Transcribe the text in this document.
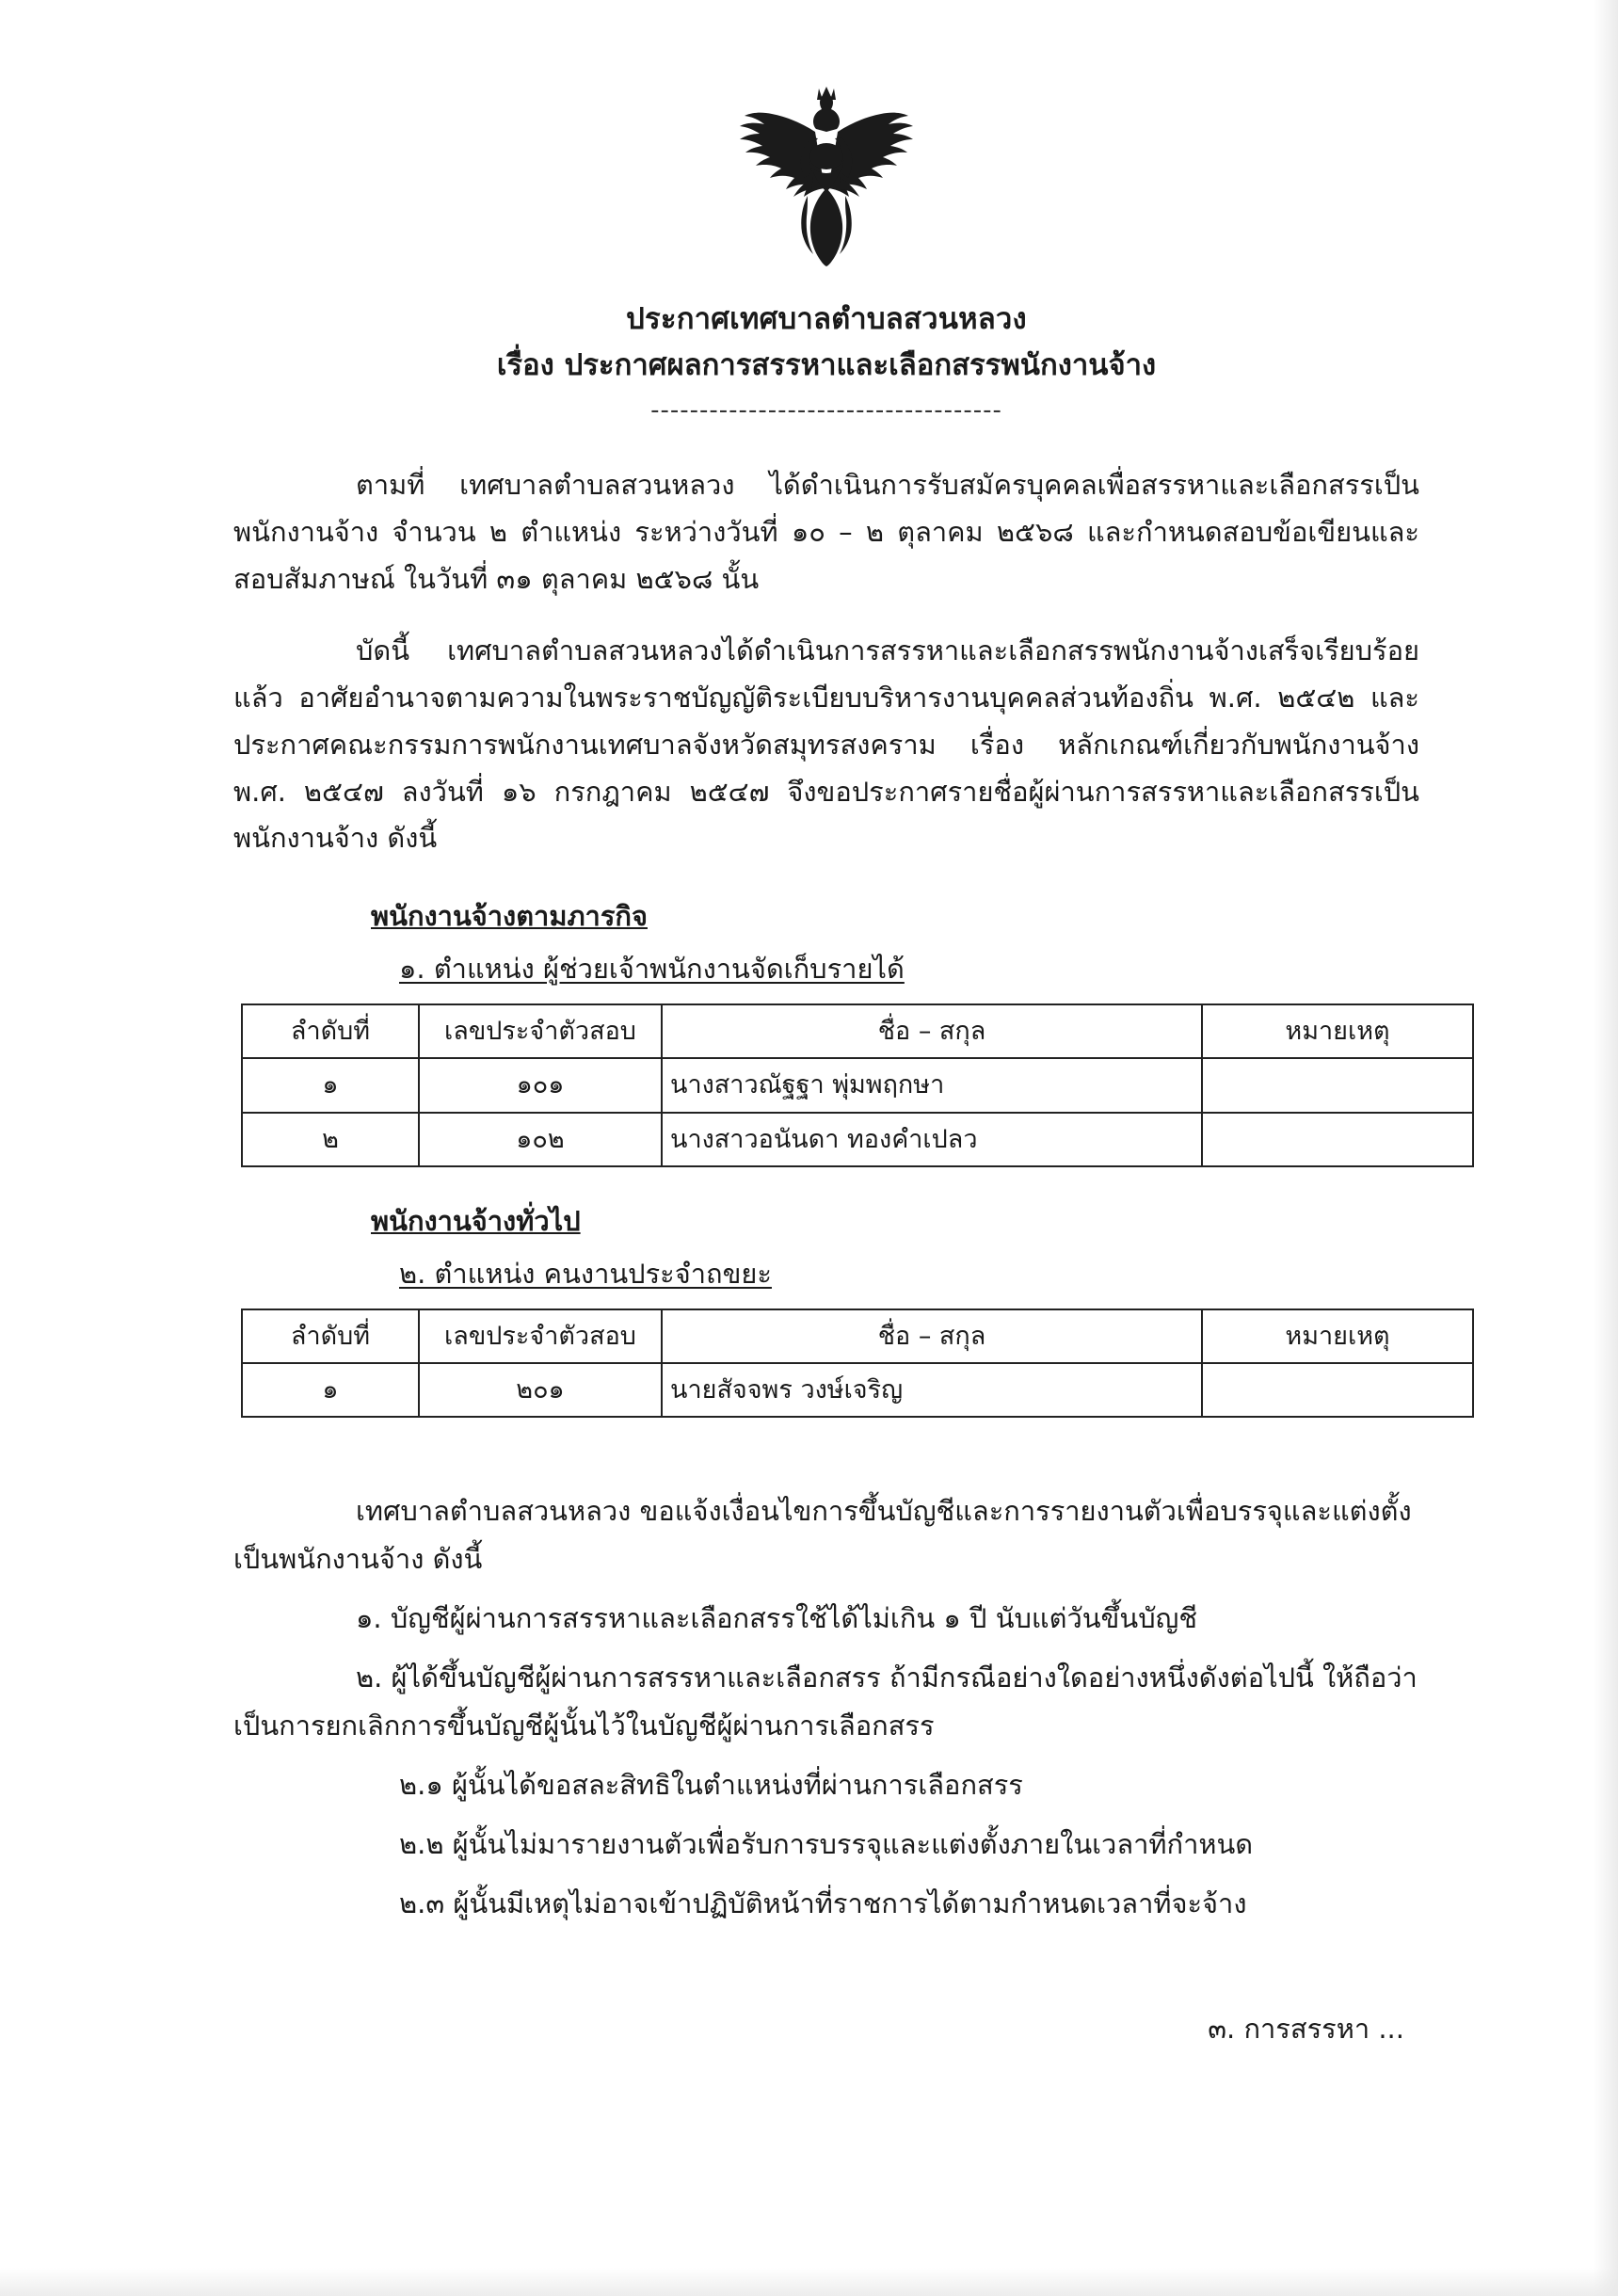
ประกาศเทศบาลตำบลสวนหลวง
เรื่อง ประกาศผลการสรรหาและเลือกสรรพนักงานจ้าง
------------------------------------
ตามที่ เทศบาลตำบลสวนหลวง ได้ดำเนินการรับสมัครบุคคลเพื่อสรรหาและเลือกสรรเป็นพนักงานจ้าง จำนวน ๒ ตำแหน่ง ระหว่างวันที่ ๑๐ – ๒ ตุลาคม ๒๕๖๘ และกำหนดสอบข้อเขียนและสอบสัมภาษณ์ ในวันที่ ๓๑ ตุลาคม ๒๕๖๘ นั้น
บัดนี้ เทศบาลตำบลสวนหลวงได้ดำเนินการสรรหาและเลือกสรรพนักงานจ้างเสร็จเรียบร้อยแล้ว อาศัยอำนาจตามความในพระราชบัญญัติระเบียบบริหารงานบุคคลส่วนท้องถิ่น พ.ศ. ๒๕๔๒ และประกาศคณะกรรมการพนักงานเทศบาลจังหวัดสมุทรสงคราม เรื่อง หลักเกณฑ์เกี่ยวกับพนักงานจ้าง พ.ศ. ๒๕๔๗ ลงวันที่ ๑๖ กรกฎาคม ๒๕๔๗ จึงขอประกาศรายชื่อผู้ผ่านการสรรหาและเลือกสรรเป็นพนักงานจ้าง ดังนี้
พนักงานจ้างตามภารกิจ
๑. ตำแหน่ง ผู้ช่วยเจ้าพนักงานจัดเก็บรายได้
ลำดับที่	เลขประจำตัวสอบ	ชื่อ – สกุล	หมายเหตุ
๑	๑๐๑	นางสาวณัฐฐา พุ่มพฤกษา	
๒	๑๐๒	นางสาวอนันดา ทองคำเปลว	
พนักงานจ้างทั่วไป
๒. ตำแหน่ง คนงานประจำถขยะ
ลำดับที่	เลขประจำตัวสอบ	ชื่อ – สกุล	หมายเหตุ
๑	๒๐๑	นายสัจจพร วงษ์เจริญ	
เทศบาลตำบลสวนหลวง ขอแจ้งเงื่อนไขการขึ้นบัญชีและการรายงานตัวเพื่อบรรจุและแต่งตั้งเป็นพนักงานจ้าง ดังนี้
๑. บัญชีผู้ผ่านการสรรหาและเลือกสรรใช้ได้ไม่เกิน ๑ ปี นับแต่วันขึ้นบัญชี
๒. ผู้ได้ขึ้นบัญชีผู้ผ่านการสรรหาและเลือกสรร ถ้ามีกรณีอย่างใดอย่างหนึ่งดังต่อไปนี้ ให้ถือว่าเป็นการยกเลิกการขึ้นบัญชีผู้นั้นไว้ในบัญชีผู้ผ่านการเลือกสรร
๒.๑ ผู้นั้นได้ขอสละสิทธิในตำแหน่งที่ผ่านการเลือกสรร
๒.๒ ผู้นั้นไม่มารายงานตัวเพื่อรับการบรรจุและแต่งตั้งภายในเวลาที่กำหนด
๒.๓ ผู้นั้นมีเหตุไม่อาจเข้าปฏิบัติหน้าที่ราชการได้ตามกำหนดเวลาที่จะจ้าง
๓. การสรรหา ...
